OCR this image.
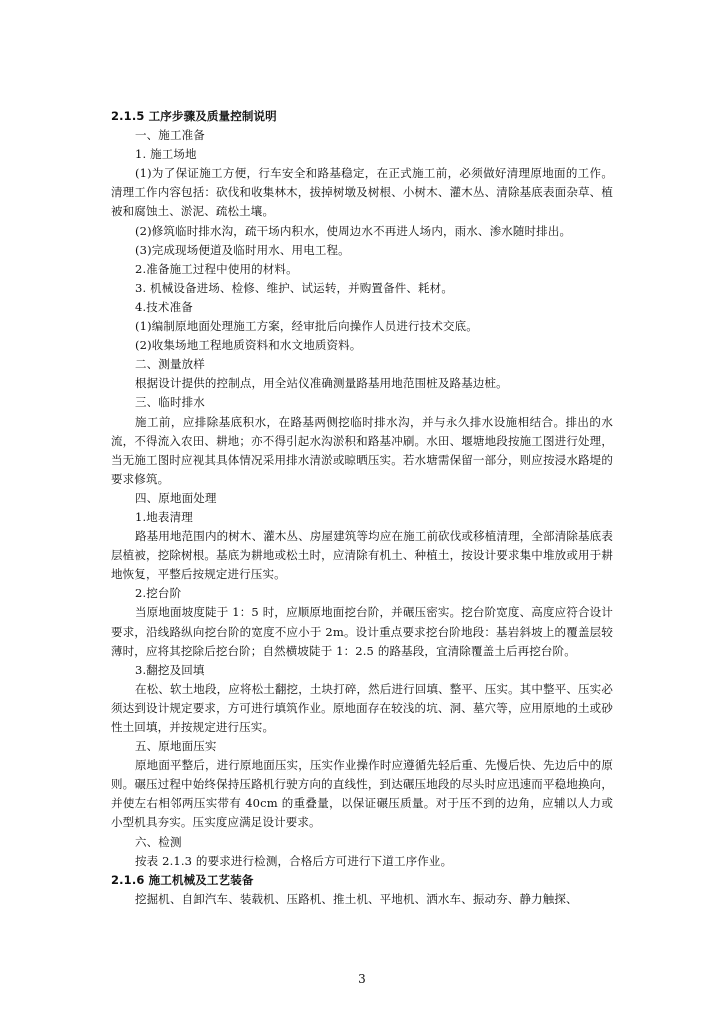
2.1.5 工序步骤及质量控制说明

一、施工准备

1. 施工场地

(1)为了保证施工方便，行车安全和路基稳定，在正式施工前，必须做好清理原地面的工作。清理工作内容包括：砍伐和收集林木，拔掉树墩及树根、小树木、灌木丛、清除基底表面杂草、植被和腐蚀土、淤泥、疏松土壤。

(2)修筑临时排水沟，疏干场内积水，使周边水不再进人场内，雨水、渗水随时排出。

(3)完成现场便道及临时用水、用电工程。

2.准备施工过程中使用的材料。

3. 机械设备进场、检修、维护、试运转，并购置备件、耗材。

4.技术准备

(1)编制原地面处理施工方案，经审批后向操作人员进行技术交底。

(2)收集场地工程地质资料和水文地质资料。

二、测量放样

根据设计提供的控制点，用全站仪准确测量路基用地范围桩及路基边桩。

三、临时排水

施工前，应排除基底积水，在路基两侧挖临时排水沟，并与永久排水设施相结合。排出的水流，不得流入农田、耕地；亦不得引起水沟淤积和路基冲刷。水田、堰塘地段按施工图进行处理，当无施工图时应视其具体情况采用排水清淤或晾晒压实。若水塘需保留一部分，则应按浸水路堤的要求修筑。

四、原地面处理

1.地表清理

路基用地范围内的树木、灌木丛、房屋建筑等均应在施工前砍伐或移植清理，全部清除基底表层植被，挖除树根。基底为耕地或松土时，应清除有机土、种植土，按设计要求集中堆放或用于耕地恢复，平整后按规定进行压实。

2.挖台阶

当原地面坡度陡于 1：5 时，应顺原地面挖台阶，并碾压密实。挖台阶宽度、高度应符合设计要求，沿线路纵向挖台阶的宽度不应小于 2m。设计重点要求挖台阶地段：基岩斜坡上的覆盖层较薄时，应将其挖除后挖台阶；自然横坡陡于 1：2.5 的路基段，宜清除覆盖土后再挖台阶。

3.翻挖及回填

在松、软土地段，应将松土翻挖，土块打碎，然后进行回填、整平、压实。其中整平、压实必须达到设计规定要求，方可进行填筑作业。原地面存在较浅的坑、洞、墓穴等，应用原地的土或砂性土回填，并按规定进行压实。

五、原地面压实

原地面平整后，进行原地面压实，压实作业操作时应遵循先轻后重、先慢后快、先边后中的原则。碾压过程中始终保持压路机行驶方向的直线性，到达碾压地段的尽头时应迅速而平稳地换向，并使左右相邻两压实带有 40cm 的重叠量，以保证碾压质量。对于压不到的边角，应辅以人力或小型机具夯实。压实度应满足设计要求。

六、检测

按表 2.1.3 的要求进行检测，合格后方可进行下道工序作业。

2.1.6 施工机械及工艺装备

挖掘机、自卸汽车、装载机、压路机、推土机、平地机、洒水车、振动夯、静力触探、

3
